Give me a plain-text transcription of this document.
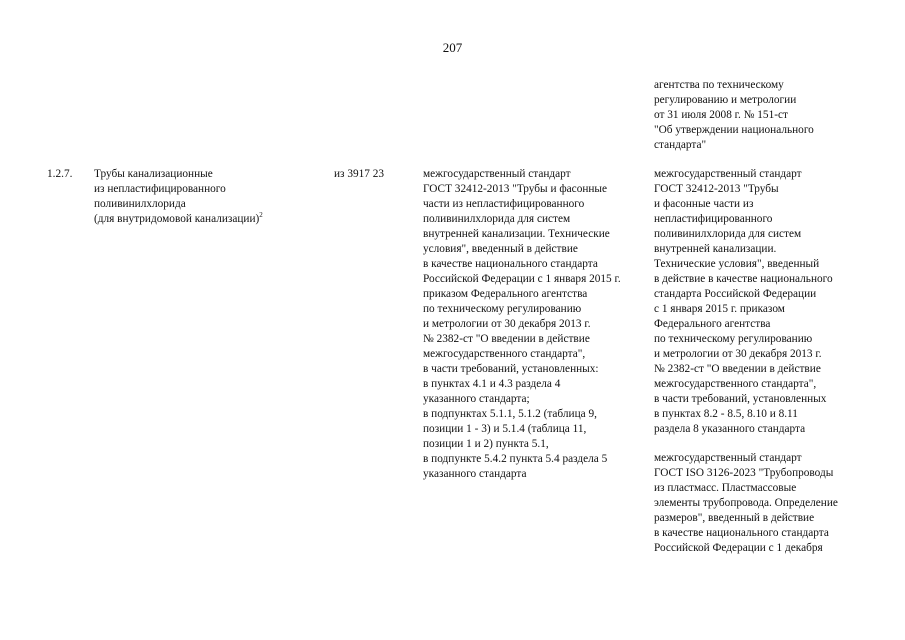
207
агентства по техническому
регулированию и метрологии
от 31 июля 2008 г. № 151-ст
"Об утверждении национального
стандарта"
1.2.7. Трубы канализационные
из непластифицированного
поливинилхлорида
(для внутридомовой канализации)$^2$
из 3917 23	межгосударственный стандарт
ГОСТ 32412-2013 "Трубы и фасонные
части из непластифицированного
поливинилхлорида для систем
внутренней канализации. Технические
условия", введенный в действие
в качестве национального стандарта
Российской Федерации с 1 января 2015 г.
приказом Федерального агентства
по техническому регулированию
и метрологии от 30 декабря 2013 г.
№ 2382-ст "О введении в действие
межгосударственного стандарта",
в части требований, установленных:
в пунктах 4.1 и 4.3 раздела 4
указанного стандарта;
в подпунктах 5.1.1, 5.1.2 (таблица 9,
позиции 1 - 3) и 5.1.4 (таблица 11,
позиции 1 и 2) пункта 5.1,
в подпункте 5.4.2 пункта 5.4 раздела 5
указанного стандарта
межгосударственный стандарт
ГОСТ 32412-2013 "Трубы
и фасонные части из
непластифицированного
поливинилхлорида для систем
внутренней канализации.
Технические условия", введенный
в действие в качестве национального
стандарта Российской Федерации
с 1 января 2015 г. приказом
Федерального агентства
по техническому регулированию
и метрологии от 30 декабря 2013 г.
№ 2382-ст "О введении в действие
межгосударственного стандарта",
в части требований, установленных
в пунктах 8.2 - 8.5, 8.10 и 8.11
раздела 8 указанного стандарта
межгосударственный стандарт
ГОСТ ISO 3126-2023 "Трубопроводы
из пластмасс. Пластмассовые
элементы трубопровода. Определение
размеров", введенный в действие
в качестве национального стандарта
Российской Федерации с 1 декабря
